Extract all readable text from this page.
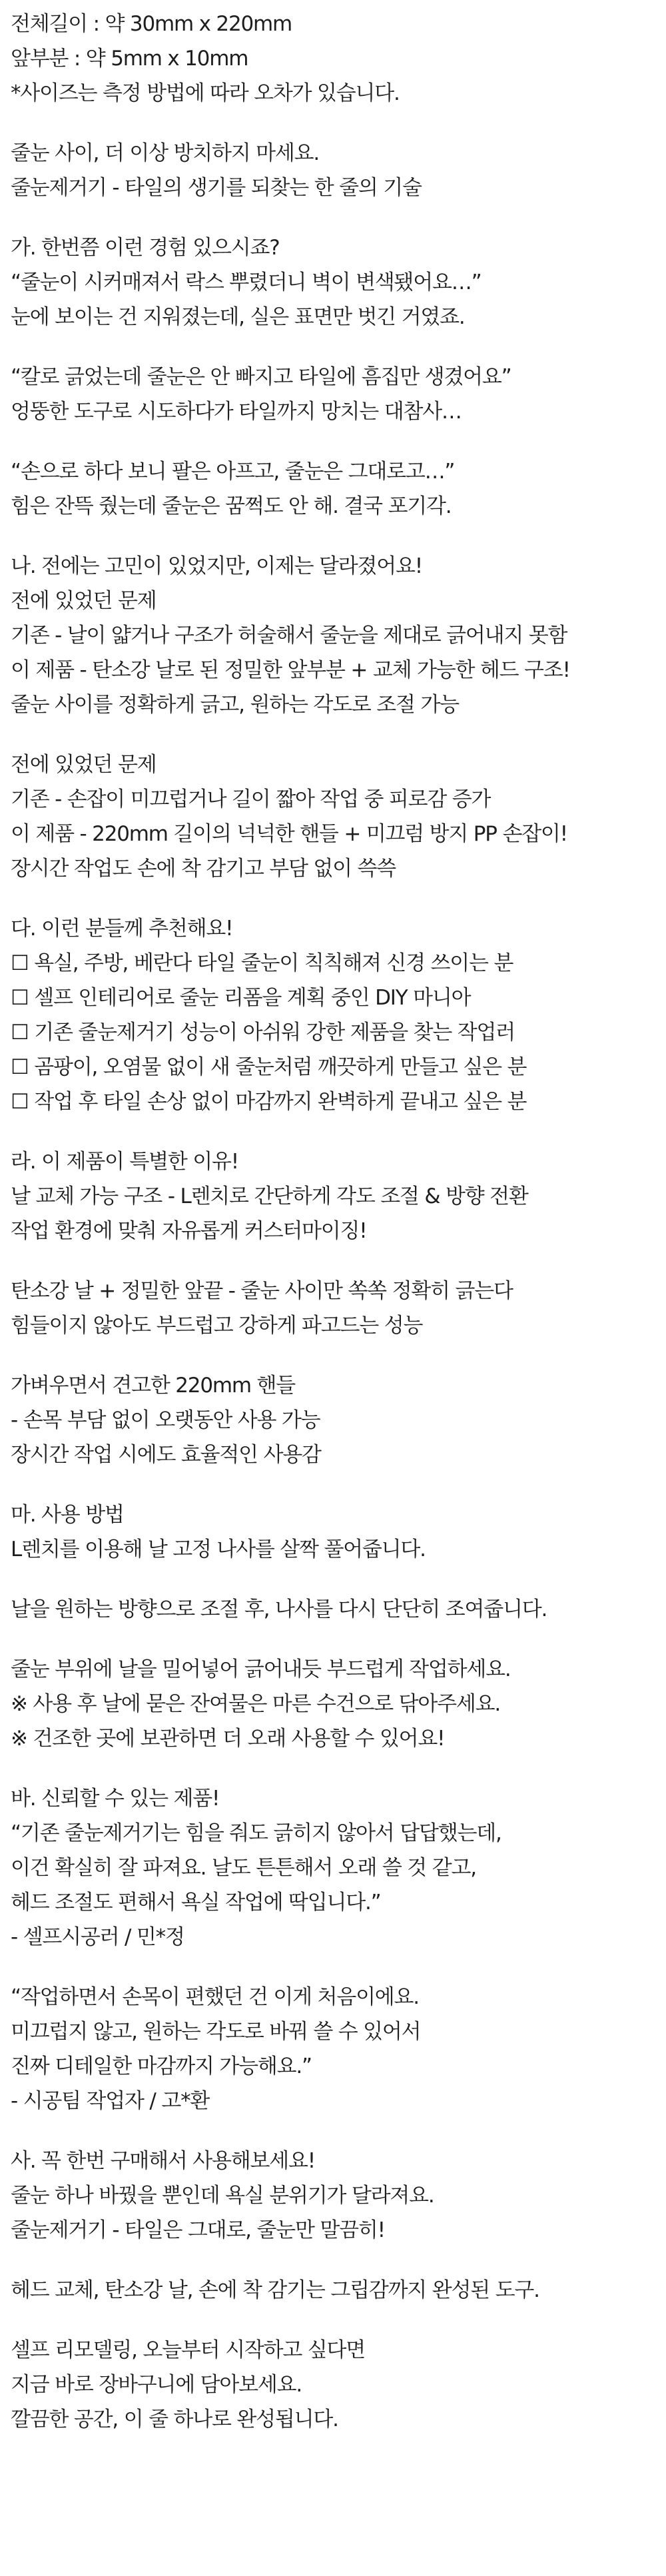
전체길이 : 약 30mm x 220mm
앞부분 : 약 5mm x 10mm
*사이즈는 측정 방법에 따라 오차가 있습니다.
줄눈 사이, 더 이상 방치하지 마세요.
줄눈제거기 - 타일의 생기를 되찾는 한 줄의 기술
가. 한번쯤 이런 경험 있으시죠?
“줄눈이 시커매져서 락스 뿌렸더니 벽이 변색됐어요…”
눈에 보이는 건 지워졌는데, 실은 표면만 벗긴 거였죠.
“칼로 긁었는데 줄눈은 안 빠지고 타일에 흠집만 생겼어요”
엉뚱한 도구로 시도하다가 타일까지 망치는 대참사…
“손으로 하다 보니 팔은 아프고, 줄눈은 그대로고…”
힘은 잔뜩 줬는데 줄눈은 꿈쩍도 안 해. 결국 포기각.
나. 전에는 고민이 있었지만, 이제는 달라졌어요!
전에 있었던 문제
기존 - 날이 얇거나 구조가 허술해서 줄눈을 제대로 긁어내지 못함
이 제품 - 탄소강 날로 된 정밀한 앞부분 + 교체 가능한 헤드 구조!
줄눈 사이를 정확하게 긁고, 원하는 각도로 조절 가능
전에 있었던 문제
기존 - 손잡이 미끄럽거나 길이 짧아 작업 중 피로감 증가
이 제품 - 220mm 길이의 넉넉한 핸들 + 미끄럼 방지 PP 손잡이!
장시간 작업도 손에 착 감기고 부담 없이 쓱쓱
다. 이런 분들께 추천해요!
☐ 욕실, 주방, 베란다 타일 줄눈이 칙칙해져 신경 쓰이는 분
☐ 셀프 인테리어로 줄눈 리폼을 계획 중인 DIY 마니아
☐ 기존 줄눈제거기 성능이 아쉬워 강한 제품을 찾는 작업러
☐ 곰팡이, 오염물 없이 새 줄눈처럼 깨끗하게 만들고 싶은 분
☐ 작업 후 타일 손상 없이 마감까지 완벽하게 끝내고 싶은 분
라. 이 제품이 특별한 이유!
날 교체 가능 구조 - L렌치로 간단하게 각도 조절 & 방향 전환
작업 환경에 맞춰 자유롭게 커스터마이징!
탄소강 날 + 정밀한 앞끝 - 줄눈 사이만 쏙쏙 정확히 긁는다
힘들이지 않아도 부드럽고 강하게 파고드는 성능
가벼우면서 견고한 220mm 핸들
- 손목 부담 없이 오랫동안 사용 가능
장시간 작업 시에도 효율적인 사용감
마. 사용 방법
L렌치를 이용해 날 고정 나사를 살짝 풀어줍니다.
날을 원하는 방향으로 조절 후, 나사를 다시 단단히 조여줍니다.
줄눈 부위에 날을 밀어넣어 긁어내듯 부드럽게 작업하세요.
※ 사용 후 날에 묻은 잔여물은 마른 수건으로 닦아주세요.
※ 건조한 곳에 보관하면 더 오래 사용할 수 있어요!
바. 신뢰할 수 있는 제품!
“기존 줄눈제거기는 힘을 줘도 긁히지 않아서 답답했는데,
이건 확실히 잘 파져요. 날도 튼튼해서 오래 쓸 것 같고,
헤드 조절도 편해서 욕실 작업에 딱입니다.”
- 셀프시공러 / 민*정
“작업하면서 손목이 편했던 건 이게 처음이에요.
미끄럽지 않고, 원하는 각도로 바꿔 쓸 수 있어서
진짜 디테일한 마감까지 가능해요.”
- 시공팀 작업자 / 고*환
사. 꼭 한번 구매해서 사용해보세요!
줄눈 하나 바꿨을 뿐인데 욕실 분위기가 달라져요.
줄눈제거기 - 타일은 그대로, 줄눈만 말끔히!
헤드 교체, 탄소강 날, 손에 착 감기는 그립감까지 완성된 도구.
셀프 리모델링, 오늘부터 시작하고 싶다면
지금 바로 장바구니에 담아보세요.
깔끔한 공간, 이 줄 하나로 완성됩니다.
